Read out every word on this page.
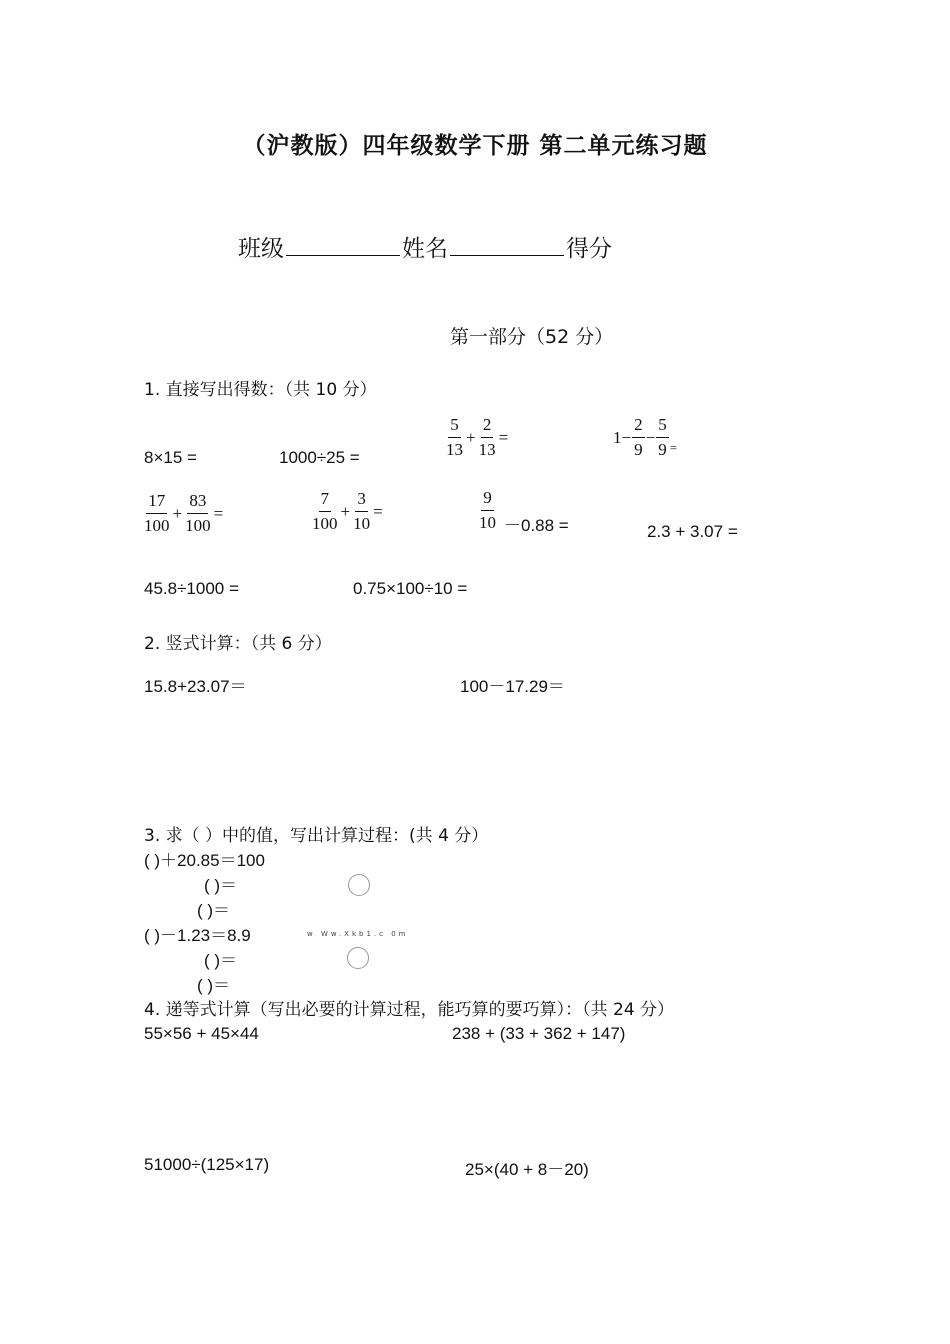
（沪教版）四年级数学下册 第二单元练习题
班级	姓名	得分
第一部分（52 分）
1. 直接写出得数：（共 10 分）
8×15 =	1000÷25 =	$\frac{5}{13} + \frac{2}{13}$ =	$1- \frac{2}{9} - \frac{5}{9} _=$
$\frac{17}{100} + \frac{83}{100}$ =	$\frac{7}{100} + \frac{3}{10}$ =	$\frac{9}{10} -0.88$ =	2.3 + 3.07 =
45.8÷1000 =	0.75×100÷10 =
2. 竖式计算：（共 6 分）
15.8+23.07＝	100－17.29＝
3. 求（ ）中的值，写出计算过程：(共 4 分）
( )＋20.85＝100
( )＝
( )＝
( )－1.23＝8.9	w Ww.Xkb1.c 0m
( )＝
( )＝
4. 递等式计算（写出必要的计算过程，能巧算的要巧算）：（共 24 分）
55×56 + 45×44	238 + (33 + 362 + 147)
51000÷(125×17)	25×(40 + 8－20)
